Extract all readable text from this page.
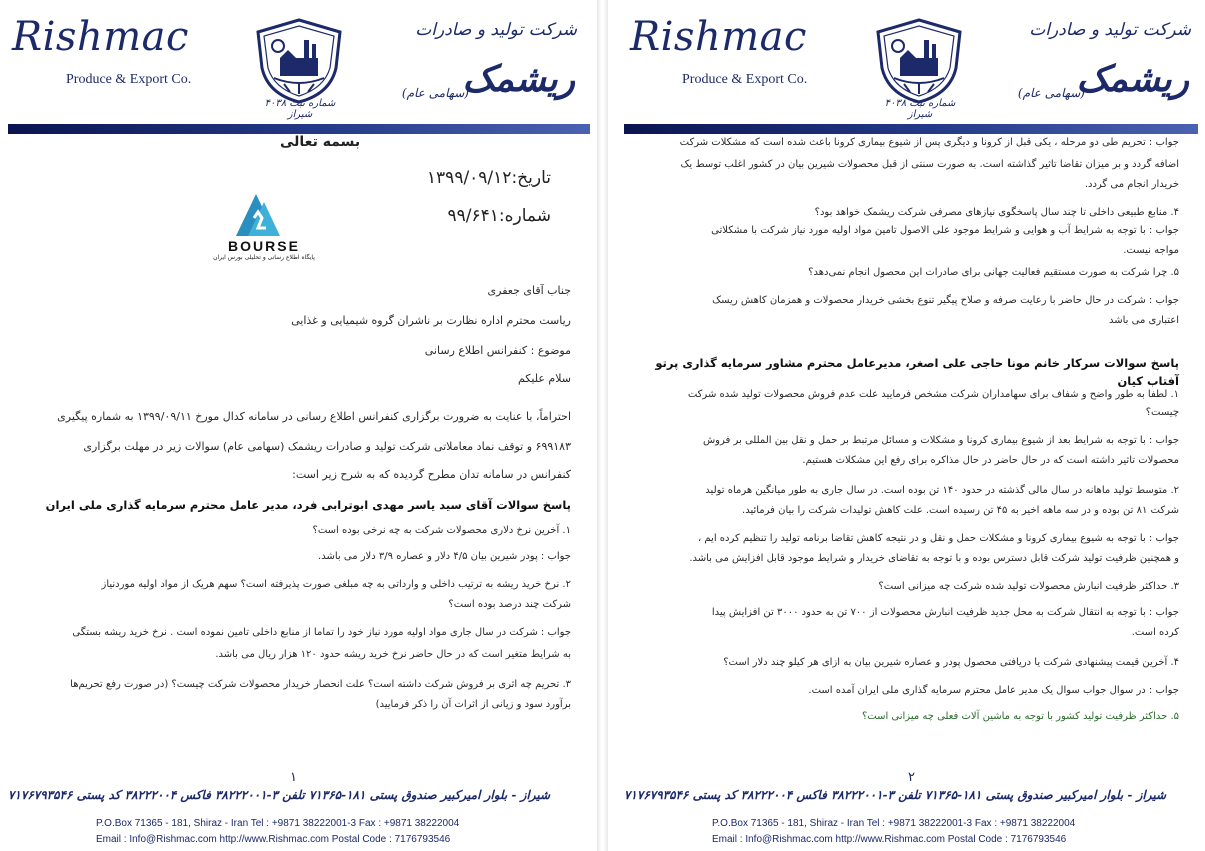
Rishmac
Produce & Export Co.
شماره ثبت ۴۰۳۸ شیراز
شرکت تولید و صادرات
ریشمک
(سهامی عام)
بسمه تعالی
تاریخ:۱۳۹۹/۰۹/۱۲
شماره:۹۹/۶۴۱
BOURSE
پایگاه اطلاع رسانی و تحلیلی بورس ایران
جناب آقای جعفری
ریاست محترم اداره نظارت بر ناشران گروه شیمیایی و غذایی
موضوع : کنفرانس اطلاع رسانی
سلام علیکم
احتراماً، با عنایت به ضرورت برگزاری کنفرانس اطلاع رسانی در سامانه کدال مورخ ۱۳۹۹/۰۹/۱۱ به شماره پیگیری
۶۹۹۱۸۳ و توقف نماد معاملاتی شرکت تولید و صادرات ریشمک (سهامی عام) سوالات زیر در مهلت برگزاری
کنفرانس در سامانه تدان مطرح گردیده که به شرح زیر است:
پاسخ سوالات آقای سید یاسر مهدی ابوترابی فرد، مدیر عامل محترم سرمایه گذاری ملی ایران
۱. آخرین نرخ دلاری محصولات شرکت به چه نرخی بوده است؟
جواب : پودر شیرین بیان ۴/۵ دلار و عصاره ۳/۹ دلار می باشد.
۲. نرخ خرید ریشه به ترتیب داخلی و وارداتی به چه مبلغی صورت پذیرفته است؟ سهم هریک از مواد اولیه موردنیاز
شرکت چند درصد بوده است؟
جواب : شرکت در سال جاری مواد اولیه مورد نیاز خود را تماما از منابع داخلی تامین نموده است . نرخ خرید ریشه بستگی
به شرایط متغیر است که در حال حاضر نرخ خرید ریشه حدود ۱۲۰ هزار ریال می باشد.
۳. تحریم چه اثری بر فروش شرکت داشته است؟ علت انحصار خریدار محصولات شرکت چیست؟ (در صورت رفع تحریم‌ها
برآورد سود و زیانی از اثرات آن را ذکر فرمایید)
۱
شیراز - بلوار امیرکبیر صندوق پستی ۱۸۱-۷۱۳۶۵ تلفن ۳-۳۸۲۲۲۰۰۱ فاکس ۳۸۲۲۲۰۰۴ کد پستی ۷۱۷۶۷۹۳۵۴۶
P.O.Box 71365 - 181, Shiraz - Iran Tel : +9871 38222001-3 Fax : +9871 38222004
Email : Info@Rishmac.com http://www.Rishmac.com Postal Code : 7176793546
Rishmac
Produce & Export Co.
شماره ثبت ۴۰۳۸ شیراز
شرکت تولید و صادرات
ریشمک
(سهامی عام)
جواب : تحریم طی دو مرحله ، یکی قبل از کرونا و دیگری پس از شیوع بیماری کرونا باعث شده است که مشکلات شرکت
اضافه گردد و بر میزان تقاضا تاثیر گذاشته است. به صورت سنتی از قبل محصولات شیرین بیان در کشور اغلب توسط یک
خریدار انجام می گردد.
۴. منابع طبیعی داخلی تا چند سال پاسخگوی نیازهای مصرفی شرکت ریشمک خواهد بود؟
جواب : با توجه به شرایط آب و هوایی و شرایط موجود علی الاصول تامین مواد اولیه مورد نیاز شرکت با مشکلاتی
مواجه نیست.
۵. چرا شرکت به صورت مستقیم فعالیت جهانی برای صادرات این محصول انجام نمی‌دهد؟
جواب : شرکت در حال حاضر با رعایت صرفه و صلاح پیگیر تنوع بخشی خریدار محصولات و همزمان کاهش ریسک
اعتباری می باشد
پاسخ سوالات سرکار خانم مونا حاجی علی اصغر، مدیرعامل محترم مشاور سرمایه گذاری پرتو آفتاب کیان
۱. لطفا به طور واضح و شفاف برای سهامداران شرکت مشخص فرمایید علت عدم فروش محصولات تولید شده شرکت
چیست؟
جواب : با توجه به شرایط بعد از شیوع بیماری کرونا و مشکلات و مسائل مرتبط بر حمل و نقل بین المللی بر فروش
محصولات تاثیر داشته است که در حال حاضر در حال مذاکره برای رفع این مشکلات هستیم.
۲. متوسط تولید ماهانه در سال مالی گذشته در حدود ۱۴۰ تن بوده است. در سال جاری به طور میانگین هرماه تولید
شرکت ۸۱ تن بوده و در سه ماهه اخیر به ۴۵ تن رسیده است. علت کاهش تولیدات شرکت را بیان فرمائید.
جواب : با توجه به شیوع بیماری کرونا و مشکلات حمل و نقل و در نتیجه کاهش تقاضا برنامه تولید را تنظیم کرده ایم ،
و همچنین ظرفیت تولید شرکت قابل دسترس بوده و با توجه به تقاضای خریدار و شرایط موجود قابل افزایش می باشد.
۳. حداکثر ظرفیت انبارش محصولات تولید شده شرکت چه میزانی است؟
جواب : با توجه به انتقال شرکت به محل جدید ظرفیت انبارش محصولات از ۷۰۰ تن به حدود ۳۰۰۰ تن افزایش پیدا
کرده است.
۴. آخرین قیمت پیشنهادی شرکت یا دریافتی محصول پودر و عصاره شیرین بیان به ازای هر کیلو چند دلار است؟
جواب : در سوال جواب سوال یک مدیر عامل محترم سرمایه گذاری ملی ایران آمده است.
۵. حداکثر ظرفیت تولید کشور با توجه به ماشین آلات فعلی چه میزانی است؟
۲
شیراز - بلوار امیرکبیر صندوق پستی ۱۸۱-۷۱۳۶۵ تلفن ۳-۳۸۲۲۲۰۰۱ فاکس ۳۸۲۲۲۰۰۴ کد پستی ۷۱۷۶۷۹۳۵۴۶
P.O.Box 71365 - 181, Shiraz - Iran Tel : +9871 38222001-3 Fax : +9871 38222004
Email : Info@Rishmac.com http://www.Rishmac.com Postal Code : 7176793546
